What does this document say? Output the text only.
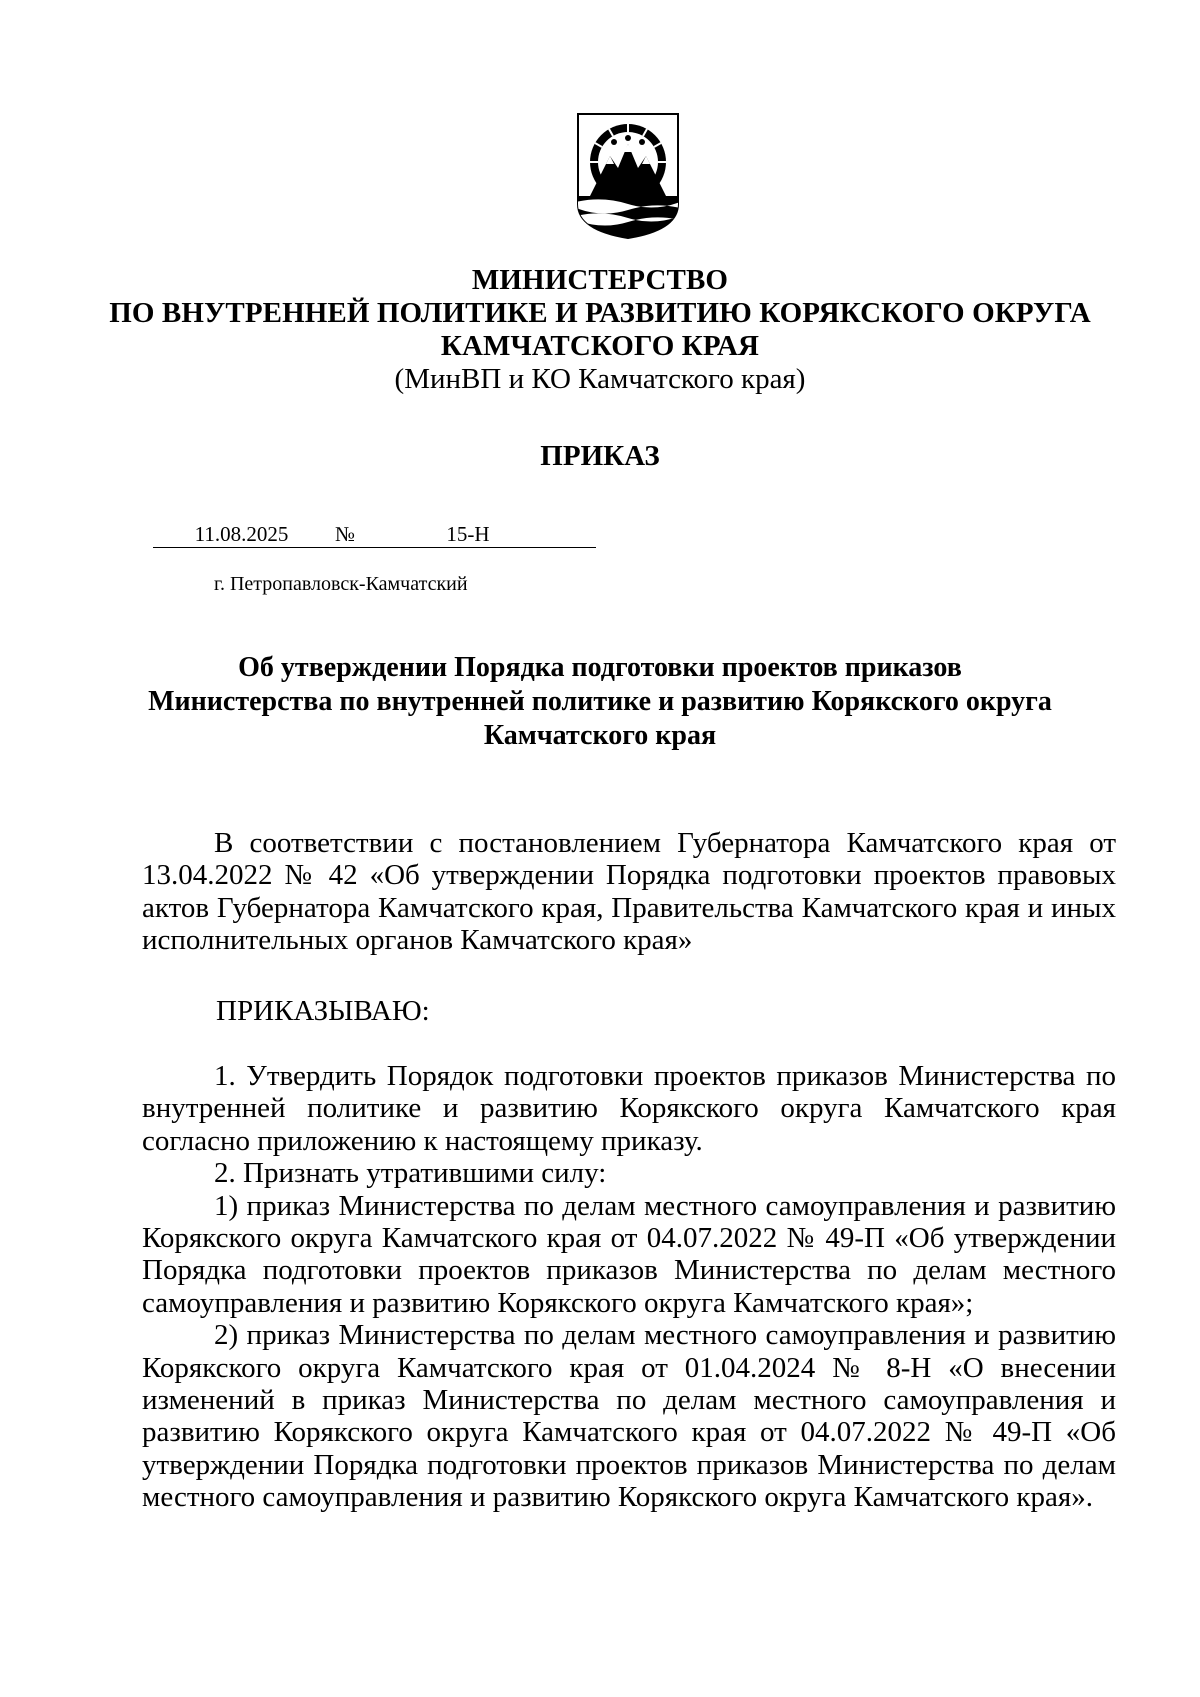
МИНИСТЕРСТВО
ПО ВНУТРЕННЕЙ ПОЛИТИКЕ И РАЗВИТИЮ КОРЯКСКОГО ОКРУГА
КАМЧАТСКОГО КРАЯ
(МинВП и КО Камчатского края)
ПРИКАЗ
11.08.2025	№	15-Н
г. Петропавловск-Камчатский
Об утверждении Порядка подготовки проектов приказов
Министерства по внутренней политике и развитию Корякского округа
Камчатского края

В соответствии с постановлением Губернатора Камчатского края от 13.04.2022 № 42 «Об утверждении Порядка подготовки проектов правовых актов Губернатора Камчатского края, Правительства Камчатского края и иных исполнительных органов Камчатского края»

ПРИКАЗЫВАЮ:

1. Утвердить Порядок подготовки проектов приказов Министерства по внутренней политике и развитию Корякского округа Камчатского края согласно приложению к настоящему приказу.

2. Признать утратившими силу:

1) приказ Министерства по делам местного самоуправления и развитию Корякского округа Камчатского края от 04.07.2022 № 49-П «Об утверждении Порядка подготовки проектов приказов Министерства по делам местного самоуправления и развитию Корякского округа Камчатского края»;

2) приказ Министерства по делам местного самоуправления и развитию Корякского округа Камчатского края от 01.04.2024 № 8-Н «О внесении изменений в приказ Министерства по делам местного самоуправления и развитию Корякского округа Камчатского края от 04.07.2022 № 49-П «Об утверждении Порядка подготовки проектов приказов Министерства по делам местного самоуправления и развитию Корякского округа Камчатского края».
